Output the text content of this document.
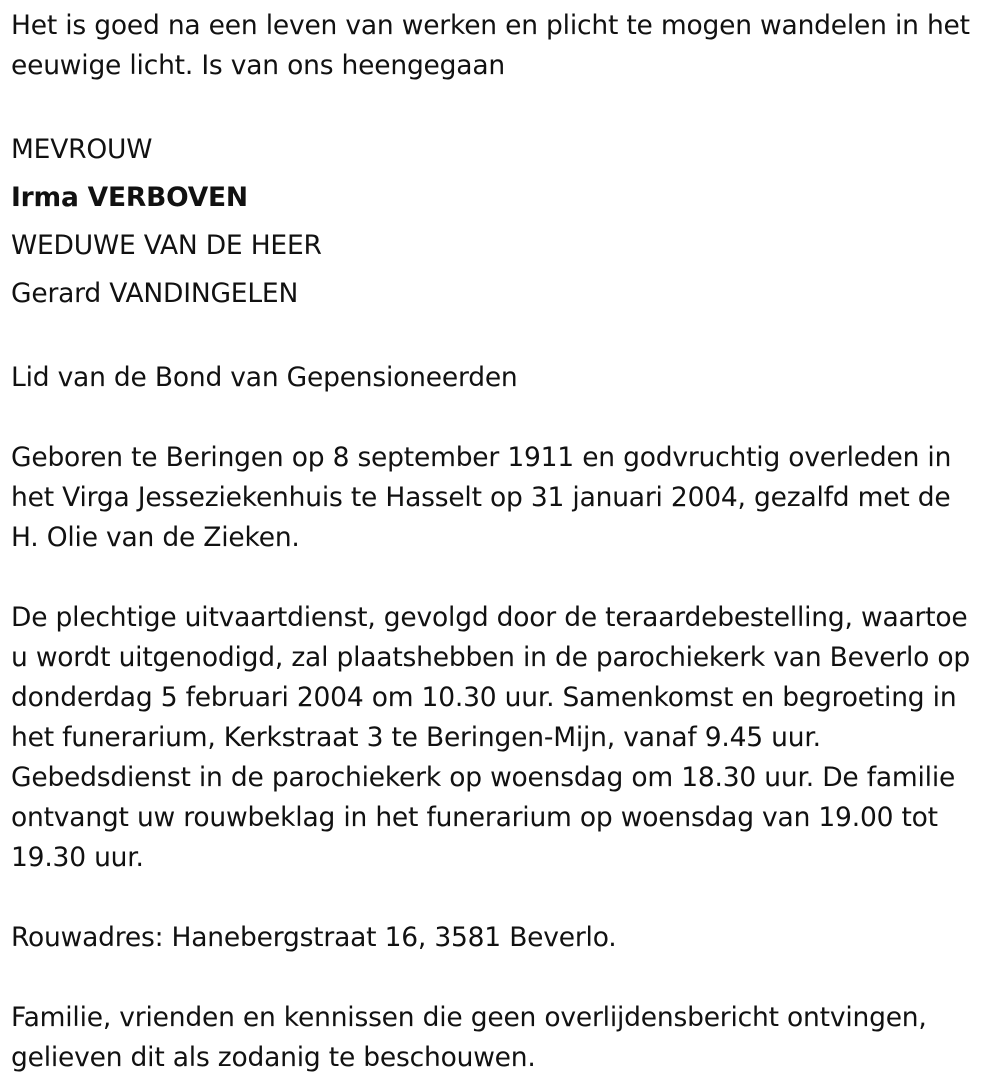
Het is goed na een leven van werken en plicht te mogen wandelen in het
eeuwige licht. Is van ons heengegaan

MEVROUW
Irma VERBOVEN
WEDUWE VAN DE HEER
Gerard VANDINGELEN

Lid van de Bond van Gepensioneerden

Geboren te Beringen op 8 september 1911 en godvruchtig overleden in
het Virga Jesseziekenhuis te Hasselt op 31 januari 2004, gezalfd met de
H. Olie van de Zieken.

De plechtige uitvaartdienst, gevolgd door de teraardebestelling, waartoe
u wordt uitgenodigd, zal plaatshebben in de parochiekerk van Beverlo op
donderdag 5 februari 2004 om 10.30 uur. Samenkomst en begroeting in
het funerarium, Kerkstraat 3 te Beringen-Mijn, vanaf 9.45 uur.
Gebedsdienst in de parochiekerk op woensdag om 18.30 uur. De familie
ontvangt uw rouwbeklag in het funerarium op woensdag van 19.00 tot
19.30 uur.

Rouwadres: Hanebergstraat 16, 3581 Beverlo.

Familie, vrienden en kennissen die geen overlijdensbericht ontvingen,
gelieven dit als zodanig te beschouwen.
